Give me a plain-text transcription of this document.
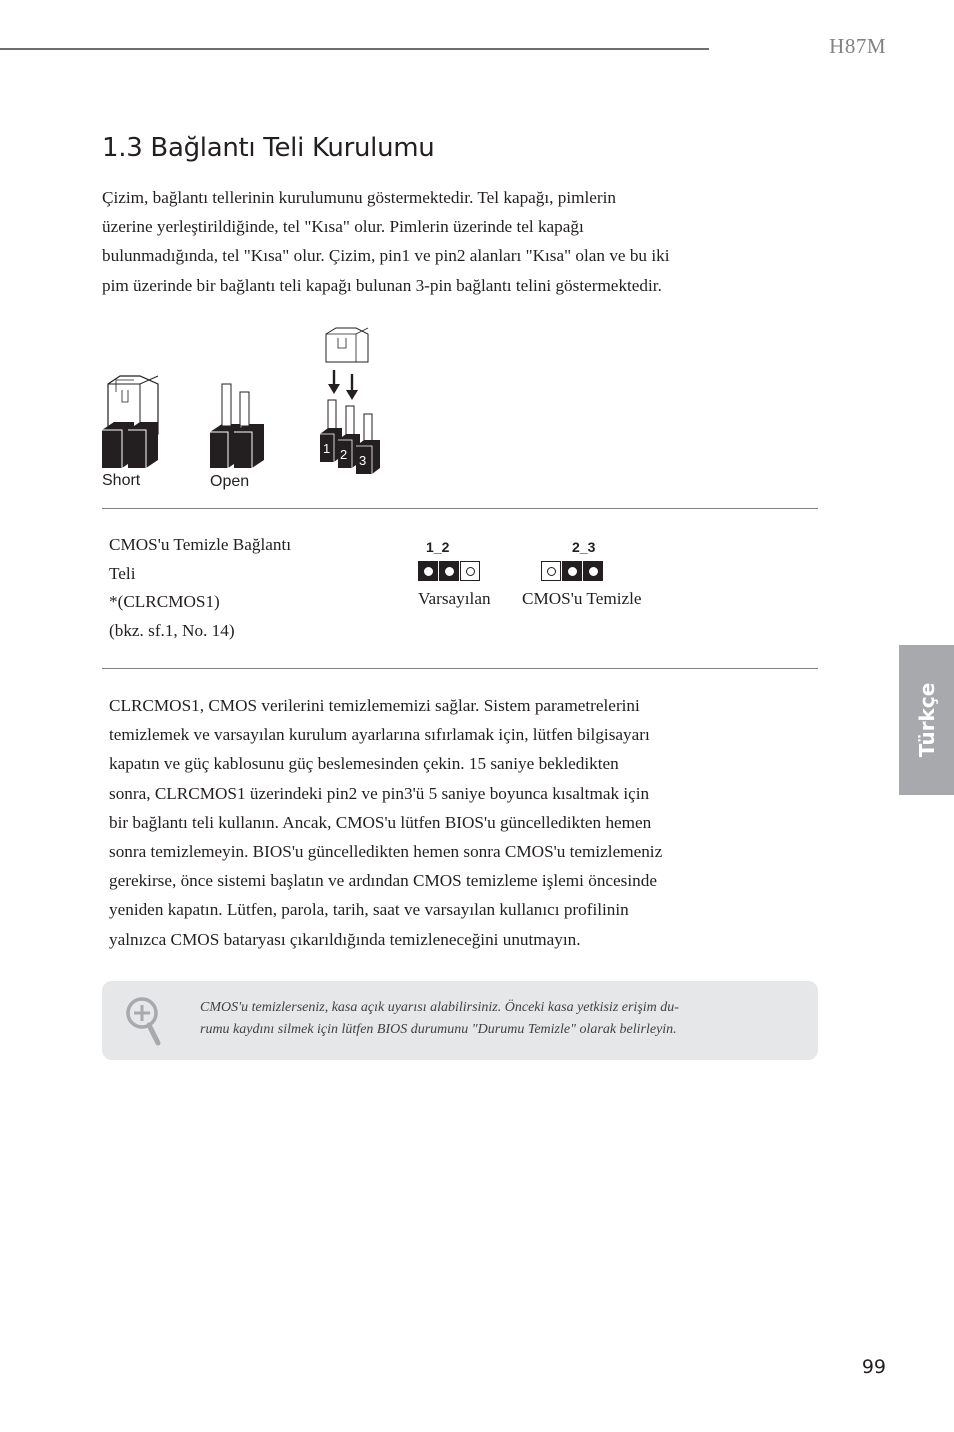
H87M
1.3 Bağlantı Teli Kurulumu

Çizim, bağlantı tellerinin kurulumunu göstermektedir. Tel kapağı, pimlerin

üzerine yerleştirildiğinde, tel "Kısa" olur. Pimlerin üzerinde tel kapağı

bulunmadığında, tel "Kısa" olur. Çizim, pin1 ve pin2 alanları "Kısa" olan ve bu iki

pim üzerinde bir bağlantı teli kapağı bulunan 3-pin bağlantı telini göstermektedir.

Short	Open
1 2 3
CMOS'u Temizle Bağlantı
Teli
*(CLRCMOS1)
(bkz. sf.1, No. 14)
1_2
Varsayılan
2_3
CMOS'u Temizle

CLRCMOS1, CMOS verilerini temizlememizi sağlar. Sistem parametrelerini

temizlemek ve varsayılan kurulum ayarlarına sıfırlamak için, lütfen bilgisayarı

kapatın ve güç kablosunu güç beslemesinden çekin. 15 saniye bekledikten

sonra, CLRCMOS1 üzerindeki pin2 ve pin3'ü 5 saniye boyunca kısaltmak için

bir bağlantı teli kullanın. Ancak, CMOS'u lütfen BIOS'u güncelledikten hemen

sonra temizlemeyin. BIOS'u güncelledikten hemen sonra CMOS'u temizlemeniz

gerekirse, önce sistemi başlatın ve ardından CMOS temizleme işlemi öncesinde

yeniden kapatın. Lütfen, parola, tarih, saat ve varsayılan kullanıcı profilinin

yalnızca CMOS bataryası çıkarıldığında temizleneceğini unutmayın.

CMOS'u temizlerseniz, kasa açık uyarısı alabilirsiniz. Önceki kasa yetkisiz erişim du-
rumu kaydını silmek için lütfen BIOS durumunu "Durumu Temizle" olarak belirleyin.
Türkçe
99
